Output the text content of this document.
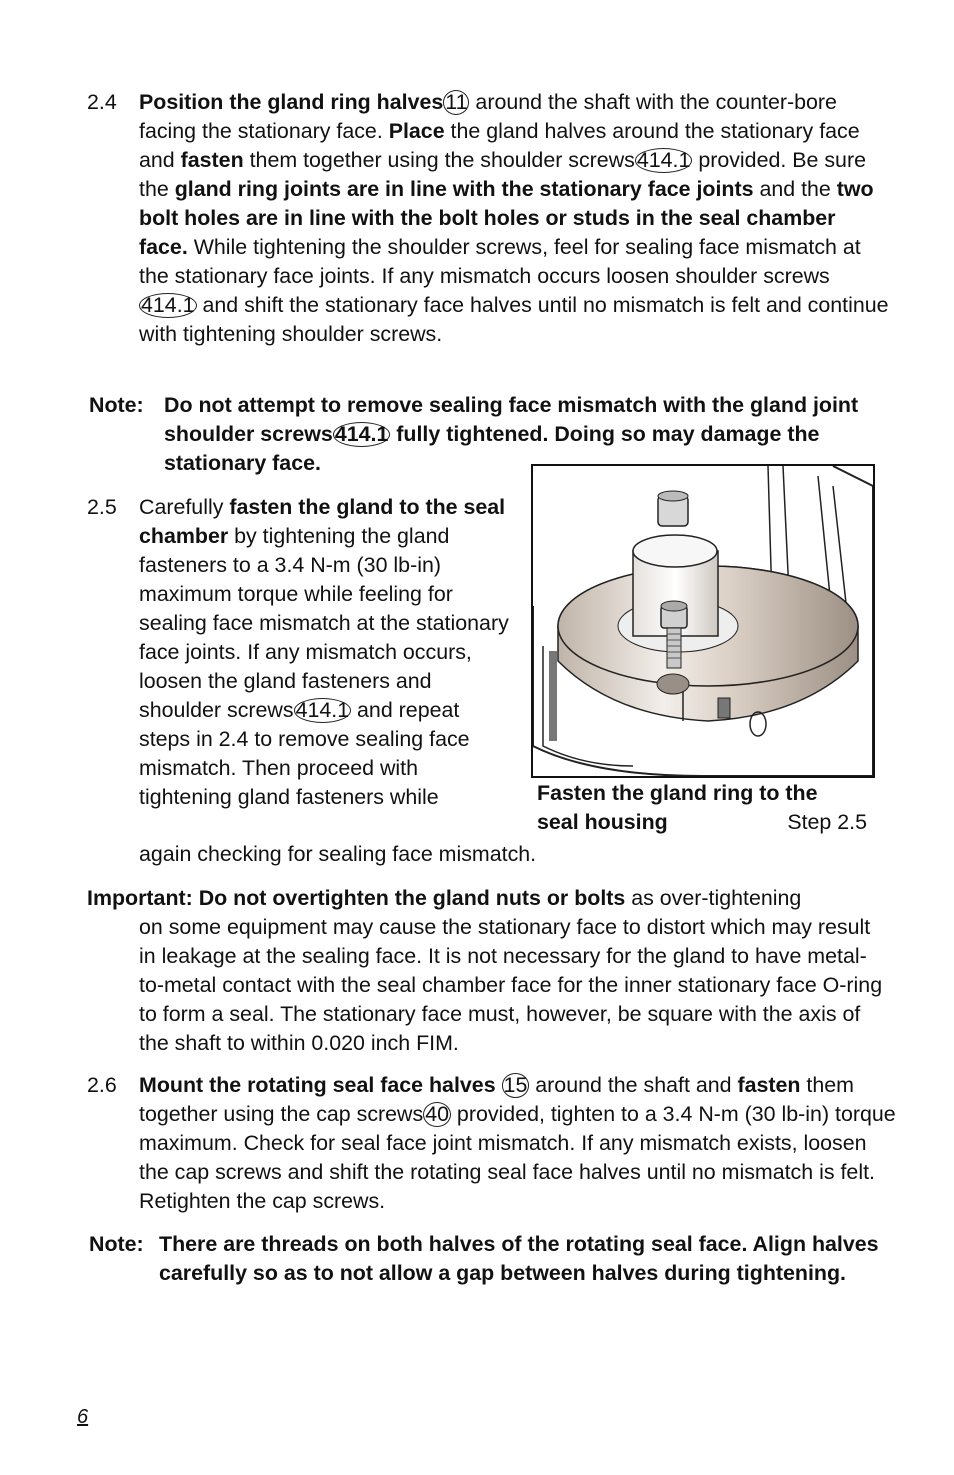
2.4 Position the gland ring halves11 around the shaft with the counter-bore facing the stationary face. Place the gland halves around the stationary face and fasten them together using the shoulder screws414.1 provided. Be sure the gland ring joints are in line with the stationary face joints and the two bolt holes are in line with the bolt holes or studs in the seal chamber face. While tightening the shoulder screws, feel for sealing face mismatch at the stationary face joints. If any mismatch occurs loosen shoulder screws 414.1 and shift the stationary face halves until no mismatch is felt and continue with tightening shoulder screws.
Note: Do not attempt to remove sealing face mismatch with the gland joint shoulder screws414.1 fully tightened. Doing so may damage the stationary face.
2.5 Carefully fasten the gland to the seal chamber by tightening the gland fasteners to a 3.4 N-m (30 lb-in) maximum torque while feeling for sealing face mismatch at the stationary face joints. If any mismatch occurs, loosen the gland fasteners and shoulder screws414.1 and repeat steps in 2.4 to remove sealing face mismatch. Then proceed with tightening gland fasteners while
again checking for sealing face mismatch.
Fasten the gland ring to the
seal housing	Step 2.5
Important: Do not overtighten the gland nuts or bolts as over-tightening
on some equipment may cause the stationary face to distort which may result in leakage at the sealing face. It is not necessary for the gland to have metal-to-metal contact with the seal chamber face for the inner stationary face O-ring to form a seal. The stationary face must, however, be square with the axis of the shaft to within 0.020 inch FIM.
2.6 Mount the rotating seal face halves 15 around the shaft and fasten them together using the cap screws40 provided, tighten to a 3.4 N-m (30 lb-in) torque maximum. Check for seal face joint mismatch. If any mismatch exists, loosen the cap screws and shift the rotating seal face halves until no mismatch is felt. Retighten the cap screws.
Note: There are threads on both halves of the rotating seal face. Align halves carefully so as to not allow a gap between halves during tightening.
6
